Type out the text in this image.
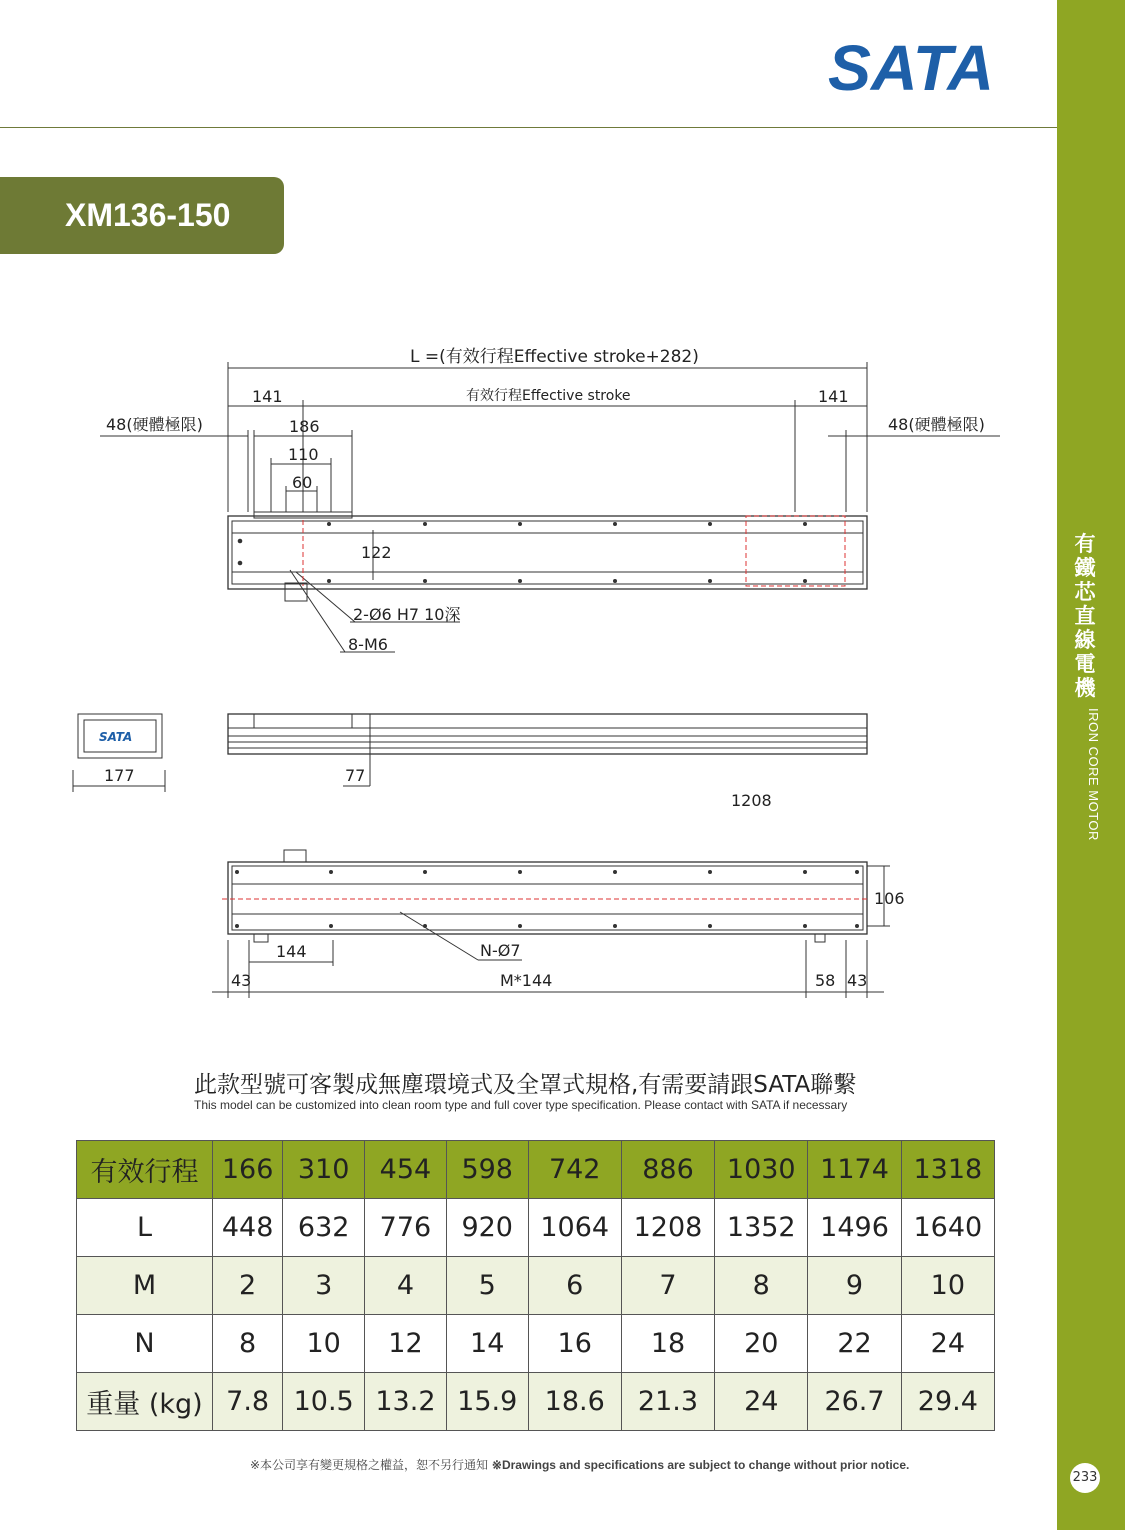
SATA
XM136-150
有鐵芯直線電機
IRON CORE MOTOR
233
L =(有效行程Effective stroke+282)
141	141
有效行程Effective stroke
48(硬體極限)	48(硬體極限)
186
110
60
122
2-Ø6 H7 10深
8-M6
SATA
177	77
1208
106
144	N-Ø7
M*144
43	58 43
此款型號可客製成無塵環境式及全罩式規格,有需要請跟SATA聯繫
This model can be customized into clean room type and full cover type specification. Please contact with SATA if necessary
有效行程	166	310	454	598	742	886	1030	1174	1318
L	448	632	776	920	1064	1208	1352	1496	1640
M	2	3	4	5	6	7	8	9	10
N	8	10	12	14	16	18	20	22	24
重量 (kg)	7.8	10.5	13.2	15.9	18.6	21.3	24	26.7	29.4
※本公司享有變更規格之權益，恕不另行通知 ※Drawings and specifications are subject to change without prior notice.
